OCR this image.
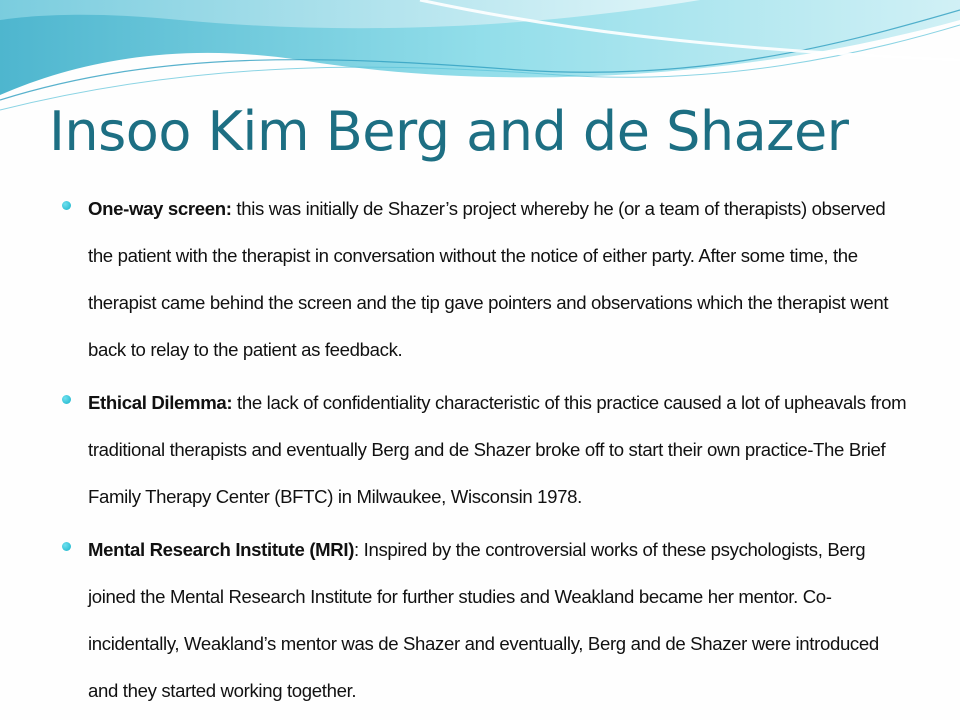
Insoo Kim Berg and de Shazer

One-way screen: this was initially de Shazer’s project whereby he (or a team of therapists) observed the patient with the therapist in conversation without the notice of either party. After some time, the therapist came behind the screen and the tip gave pointers and observations which the therapist went back to relay to the patient as feedback.

Ethical Dilemma: the lack of confidentiality characteristic of this practice caused a lot of upheavals from traditional therapists and eventually Berg and de Shazer broke off to start their own practice-The Brief Family Therapy Center (BFTC) in Milwaukee, Wisconsin 1978.

Mental Research Institute (MRI): Inspired by the controversial works of these psychologists, Berg joined the Mental Research Institute for further studies and Weakland became her mentor. Co-incidentally, Weakland’s mentor was de Shazer and eventually, Berg and de Shazer were introduced and they started working together.
